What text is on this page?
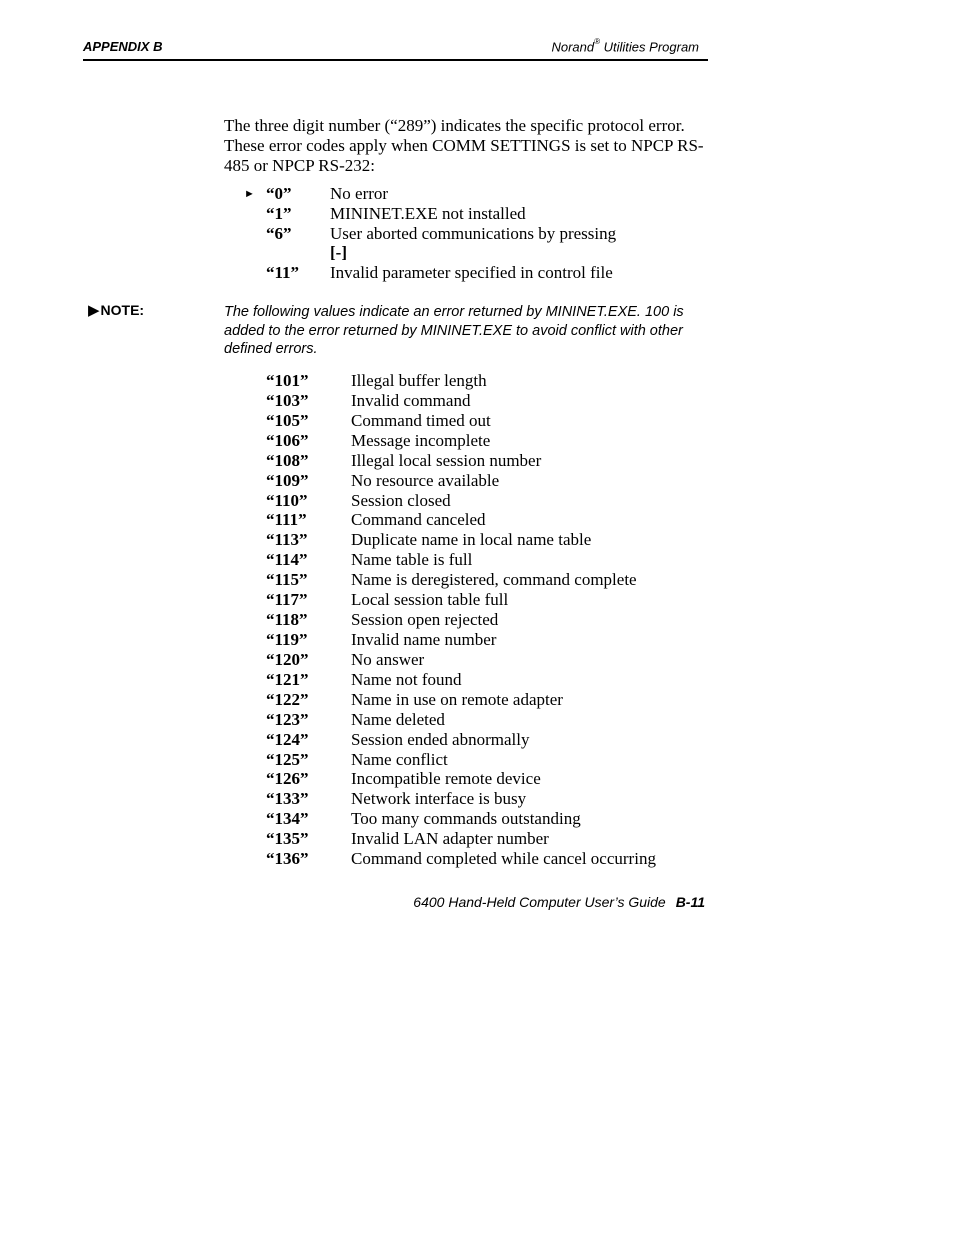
APPENDIX B	Norand® Utilities Program
The three digit number (“289”) indicates the specific protocol error. These error codes apply when COMM SETTINGS is set to NPCP RS-485 or NPCP RS-232:
► “0”	No error
“1”	MININET.EXE not installed
“6”	User aborted communications by pressing
[-]
“11”	Invalid parameter specified in control file
▶NOTE:	The following values indicate an error returned by MININET.EXE. 100 is added to the error returned by MININET.EXE to avoid conflict with other defined errors.
“101”	Illegal buffer length
“103”	Invalid command
“105”	Command timed out
“106”	Message incomplete
“108”	Illegal local session number
“109”	No resource available
“110”	Session closed
“111”	Command canceled
“113”	Duplicate name in local name table
“114”	Name table is full
“115”	Name is deregistered, command complete
“117”	Local session table full
“118”	Session open rejected
“119”	Invalid name number
“120”	No answer
“121”	Name not found
“122”	Name in use on remote adapter
“123”	Name deleted
“124”	Session ended abnormally
“125”	Name conflict
“126”	Incompatible remote device
“133”	Network interface is busy
“134”	Too many commands outstanding
“135”	Invalid LAN adapter number
“136”	Command completed while cancel occurring
6400 Hand-Held Computer User’s Guide B-11
